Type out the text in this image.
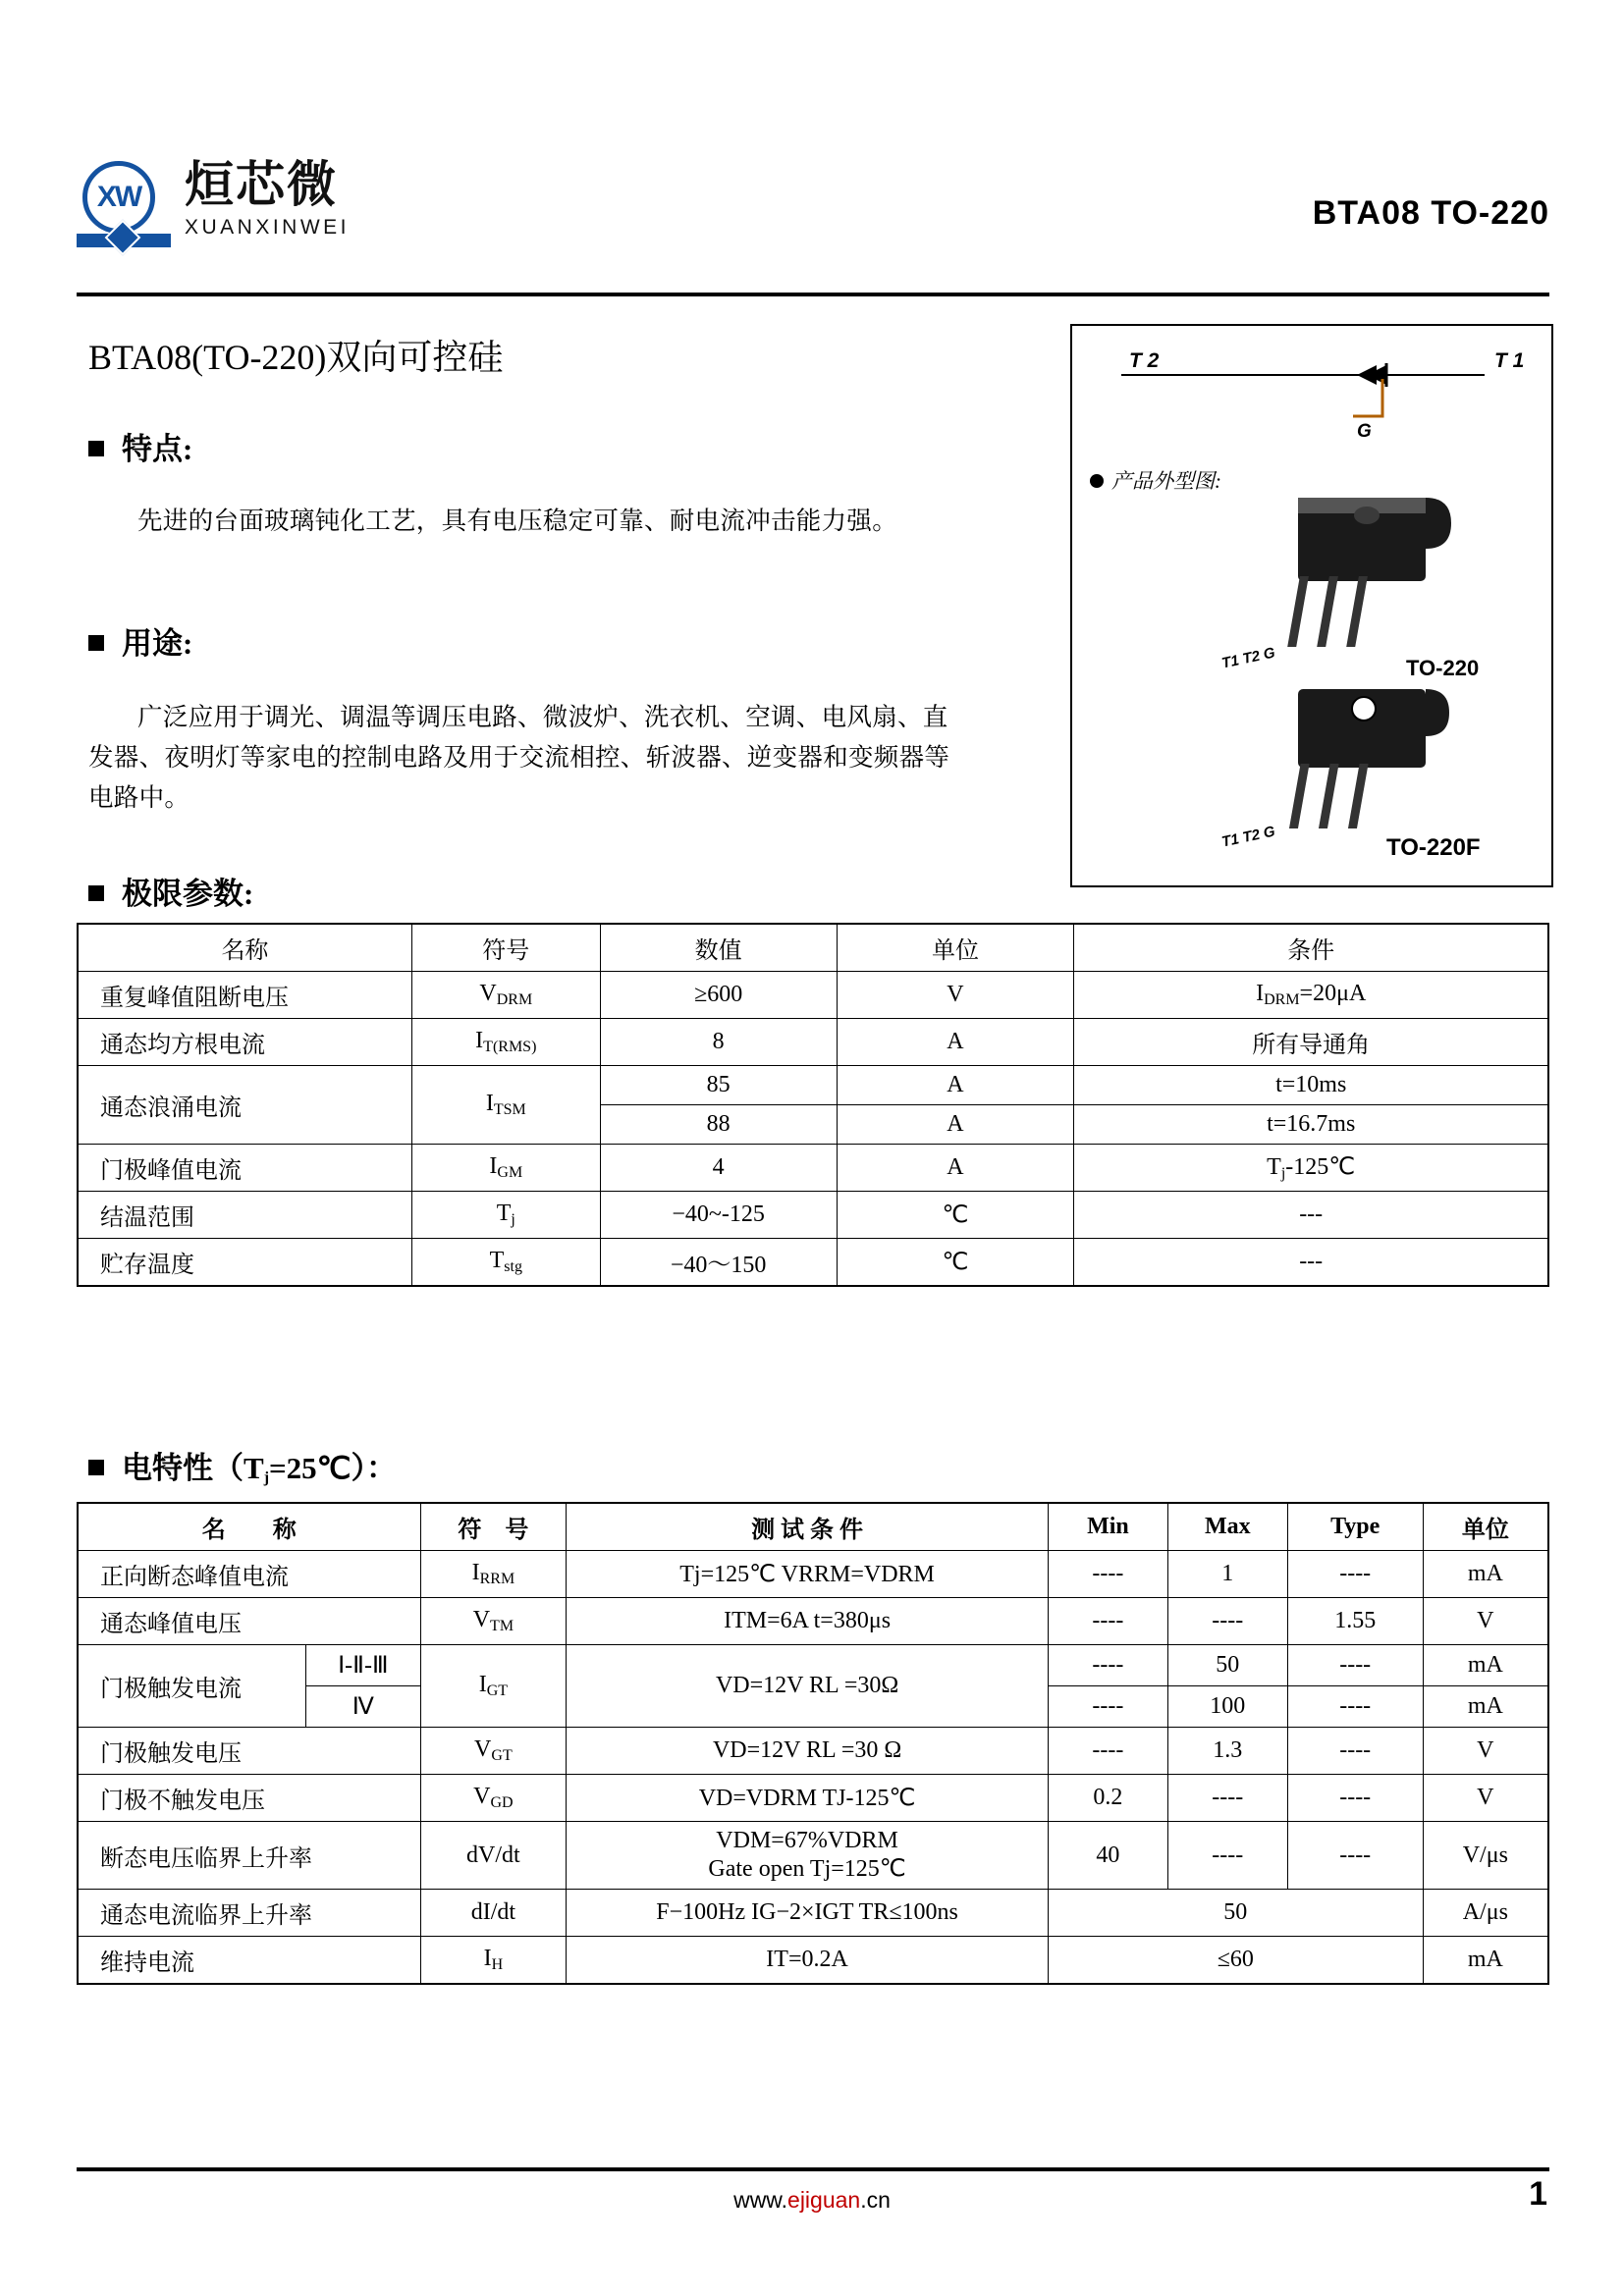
XW 烜芯微
XUANXINWEI	BTA08 TO-220
BTA08(TO-220)双向可控硅
特点:
先进的台面玻璃钝化工艺，具有电压稳定可靠、耐电流冲击能力强。
用途:
广泛应用于调光、调温等调压电路、微波炉、洗衣机、空调、电风扇、直发器、夜明灯等家电的控制电路及用于交流相控、斩波器、逆变器和变频器等电路中。
极限参数:
T 2	T 1
G
产品外型图:
T1 T2 G	TO-220
T1 T2 G	TO-220F
名称	符号	数值	单位	条件
重复峰值阻断电压	$V_{DRM}$	≥600	V	$I_{DRM}=20\mu A$
通态均方根电流	$I_{T(RMS)}$	8	A	所有导通角
通态浪涌电流	$I_{TSM}$	85	A	t=10ms
		88	A	t=16.7ms
门极峰值电流	$I_{GM}$	4	A	$T_j-125℃$
结温范围	$T_j$	−40~-125	℃	---
贮存温度	$T_{stg}$	−40～150	℃	---
电特性$(T_j=25℃)$：
名　　称		符　号	测 试 条 件	Min	Max	Type	单位
正向断态峰值电流		$I_{RRM}$	Tj=125℃ VRRM=VDRM	----	1	----	mA
通态峰值电压		$V_{TM}$	ITM=6A t=380μs	----	----	1.55	V
门极触发电流	Ⅰ-Ⅱ-Ⅲ	$I_{GT}$	VD=12V RL =30Ω	----	50	----	mA
	Ⅳ			----	100	----	mA
门极触发电压		$V_{GT}$	VD=12V RL =30 Ω	----	1.3	----	V
门极不触发电压		$V_{GD}$	VD=VDRM TJ-125℃	0.2	----	----	V
断态电压临界上升率		dV/dt	VDM=67%VDRM
Gate open Tj=125℃	40	----	----	V/μs
通态电流临界上升率		dI/dt	F−100Hz IG−2×IGT TR≤100ns	50			A/μs
维持电流		$I_H$	IT=0.2A	≤60			mA
www.ejiguan.cn	1
